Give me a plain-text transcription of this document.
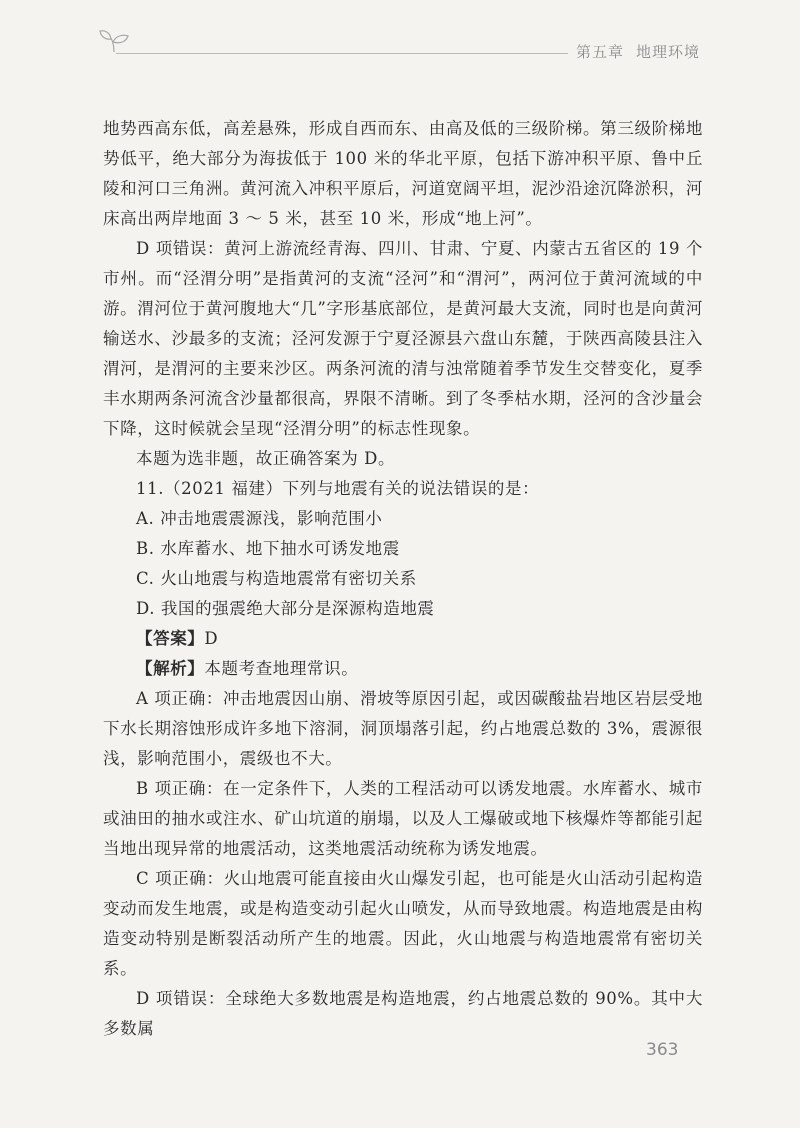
第五章 地理环境

地势西高东低，高差悬殊，形成自西而东、由高及低的三级阶梯。第三级阶梯地势低平，绝大部分为海拔低于 100 米的华北平原，包括下游冲积平原、鲁中丘陵和河口三角洲。黄河流入冲积平原后，河道宽阔平坦，泥沙沿途沉降淤积，河床高出两岸地面 3 ～ 5 米，甚至 10 米，形成“地上河”。

D 项错误：黄河上游流经青海、四川、甘肃、宁夏、内蒙古五省区的 19 个市州。而“泾渭分明”是指黄河的支流“泾河”和“渭河”，两河位于黄河流域的中游。渭河位于黄河腹地大“几”字形基底部位，是黄河最大支流，同时也是向黄河输送水、沙最多的支流；泾河发源于宁夏泾源县六盘山东麓，于陕西高陵县注入渭河，是渭河的主要来沙区。两条河流的清与浊常随着季节发生交替变化，夏季丰水期两条河流含沙量都很高，界限不清晰。到了冬季枯水期，泾河的含沙量会下降，这时候就会呈现“泾渭分明”的标志性现象。

本题为选非题，故正确答案为 D。

11.（2021 福建）下列与地震有关的说法错误的是：

A. 冲击地震震源浅，影响范围小

B. 水库蓄水、地下抽水可诱发地震

C. 火山地震与构造地震常有密切关系

D. 我国的强震绝大部分是深源构造地震

【答案】D

【解析】本题考查地理常识。

A 项正确：冲击地震因山崩、滑坡等原因引起，或因碳酸盐岩地区岩层受地下水长期溶蚀形成许多地下溶洞，洞顶塌落引起，约占地震总数的 3%，震源很浅，影响范围小，震级也不大。

B 项正确：在一定条件下，人类的工程活动可以诱发地震。水库蓄水、城市或油田的抽水或注水、矿山坑道的崩塌，以及人工爆破或地下核爆炸等都能引起当地出现异常的地震活动，这类地震活动统称为诱发地震。

C 项正确：火山地震可能直接由火山爆发引起，也可能是火山活动引起构造变动而发生地震，或是构造变动引起火山喷发，从而导致地震。构造地震是由构造变动特别是断裂活动所产生的地震。因此，火山地震与构造地震常有密切关系。

D 项错误：全球绝大多数地震是构造地震，约占地震总数的 90%。其中大多数属

363
